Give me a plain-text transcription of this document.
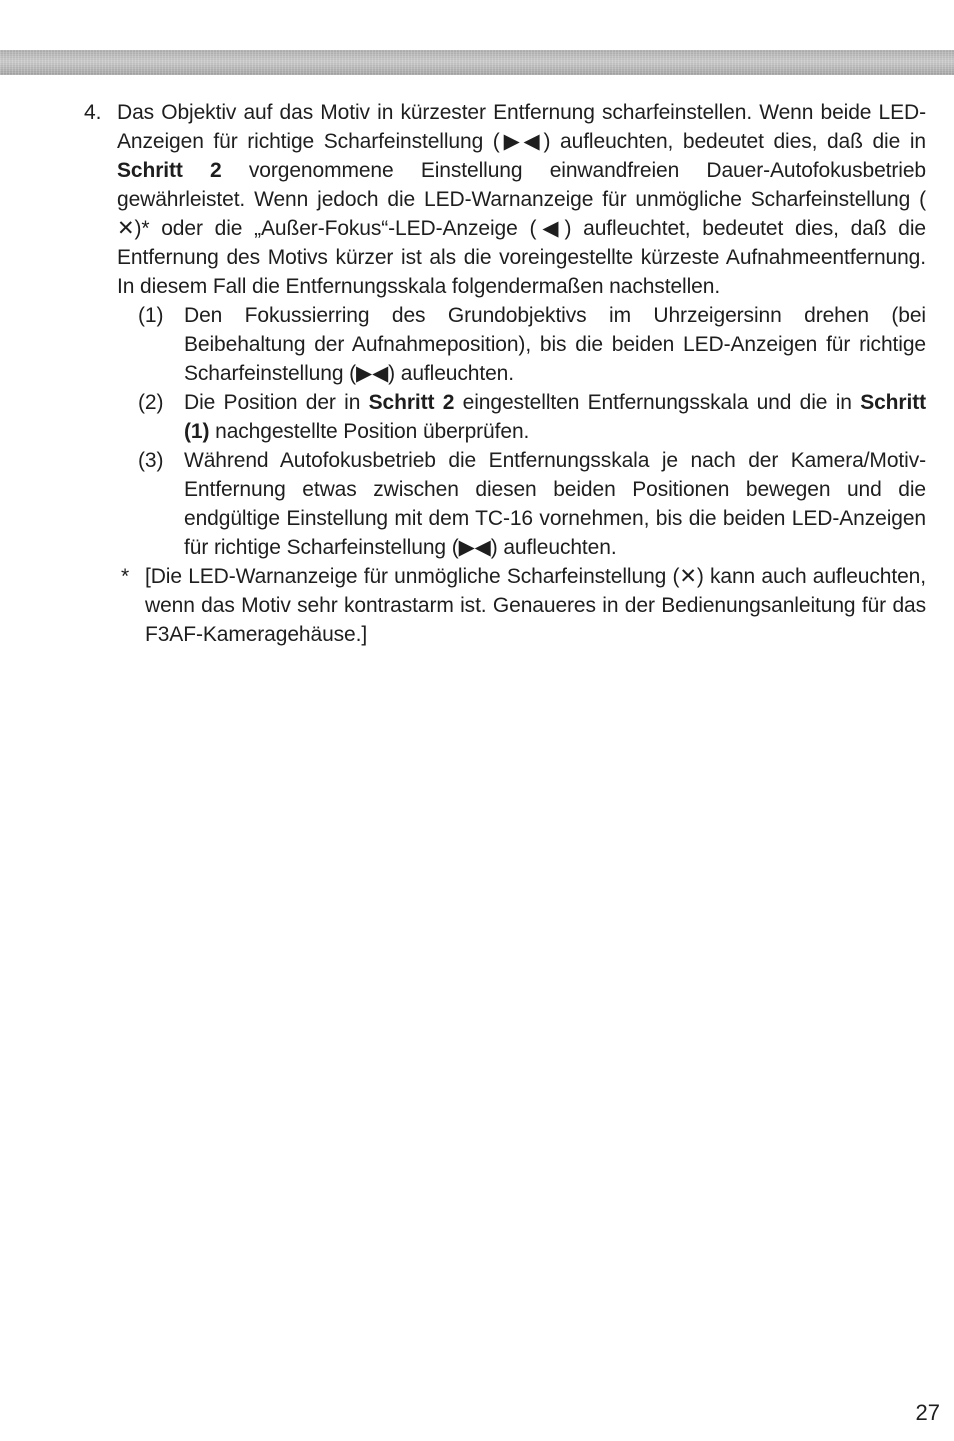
4. Das Objektiv auf das Motiv in kürzester Entfernung scharfeinstellen. Wenn beide LED-Anzeigen für richtige Scharfeinstellung (▶◀) aufleuchten, bedeutet dies, daß die in Schritt 2 vorgenommene Einstellung einwandfreien Dauer-Autofokusbetrieb gewährleistet. Wenn jedoch die LED-Warnanzeige für unmögliche Scharfeinstellung ( ✕)* oder die „Außer-Fokus“-LED-Anzeige (◀) aufleuchtet, bedeutet dies, daß die Entfernung des Motivs kürzer ist als die voreingestellte kürzeste Aufnahmeentfernung. In diesem Fall die Entfernungsskala folgendermaßen nachstellen.
(1) Den Fokussierring des Grundobjektivs im Uhrzeigersinn drehen (bei Beibehaltung der Aufnahmeposition), bis die beiden LED-Anzeigen für richtige Scharfeinstellung (▶◀) aufleuchten.
(2) Die Position der in Schritt 2 eingestellten Entfernungsskala und die in Schritt (1) nachgestellte Position überprüfen.
(3) Während Autofokusbetrieb die Entfernungsskala je nach der Kamera/Motiv-Entfernung etwas zwischen diesen beiden Positionen bewegen und die endgültige Einstellung mit dem TC-16 vornehmen, bis die beiden LED-Anzeigen für richtige Scharfeinstellung (▶◀) aufleuchten.
* [Die LED-Warnanzeige für unmögliche Scharfeinstellung (✕) kann auch aufleuchten, wenn das Motiv sehr kontrastarm ist. Genaueres in der Bedienungsanleitung für das F3AF-Kameragehäuse.]
27
